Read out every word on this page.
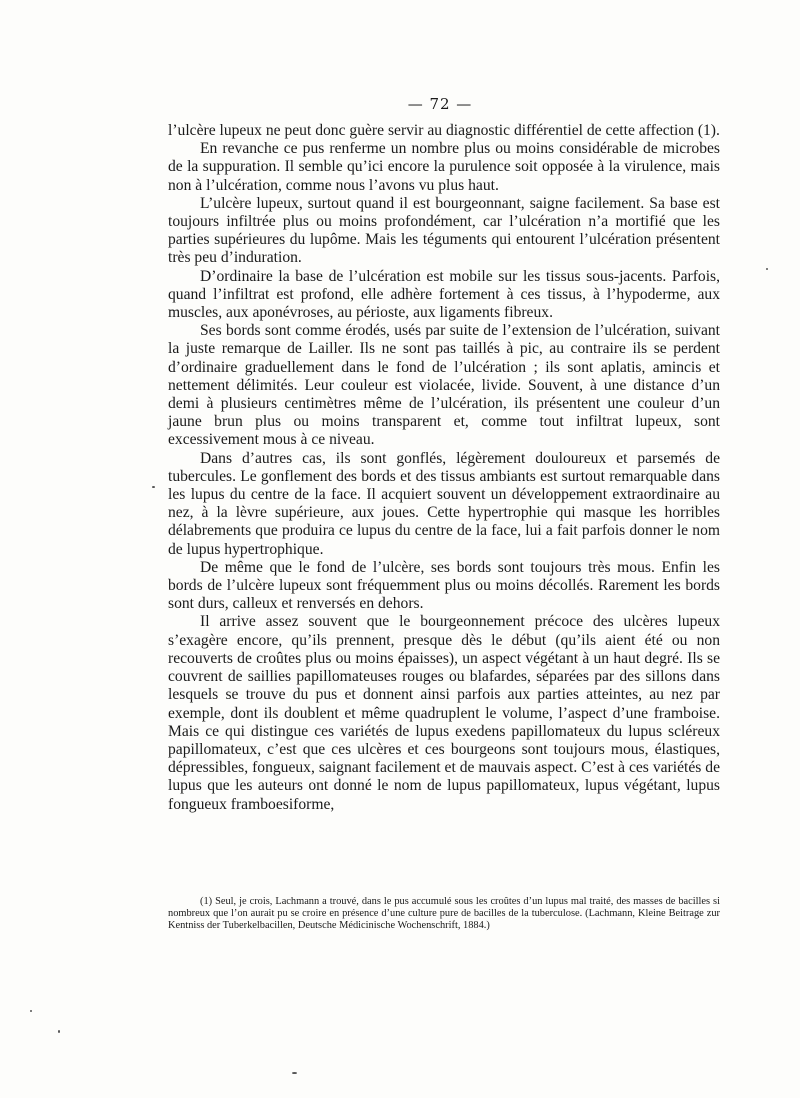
— 72 —

l’ulcère lupeux ne peut donc guère servir au diagnostic différentiel de cette affection (1).

En revanche ce pus renferme un nombre plus ou moins considérable de microbes de la suppuration. Il semble qu’ici encore la purulence soit opposée à la virulence, mais non à l’ulcération, comme nous l’avons vu plus haut.

L’ulcère lupeux, surtout quand il est bourgeonnant, saigne facilement. Sa base est toujours infiltrée plus ou moins profondément, car l’ulcération n’a mortifié que les parties supérieures du lupôme. Mais les téguments qui entourent l’ulcération présentent très peu d’induration.

D’ordinaire la base de l’ulcération est mobile sur les tissus sous-jacents. Parfois, quand l’infiltrat est profond, elle adhère fortement à ces tissus, à l’hypoderme, aux muscles, aux aponévroses, au périoste, aux ligaments fibreux.

Ses bords sont comme érodés, usés par suite de l’extension de l’ulcération, suivant la juste remarque de Lailler. Ils ne sont pas taillés à pic, au contraire ils se perdent d’ordinaire graduellement dans le fond de l’ulcération ; ils sont aplatis, amincis et nettement délimités. Leur couleur est violacée, livide. Souvent, à une distance d’un demi à plusieurs centimètres même de l’ulcération, ils présentent une couleur d’un jaune brun plus ou moins transparent et, comme tout infiltrat lupeux, sont excessivement mous à ce niveau.

Dans d’autres cas, ils sont gonflés, légèrement douloureux et parsemés de tubercules. Le gonflement des bords et des tissus ambiants est surtout remarquable dans les lupus du centre de la face. Il acquiert souvent un développement extraordinaire au nez, à la lèvre supérieure, aux joues. Cette hypertrophie qui masque les horribles délabrements que produira ce lupus du centre de la face, lui a fait parfois donner le nom de lupus hypertrophique.

De même que le fond de l’ulcère, ses bords sont toujours très mous. Enfin les bords de l’ulcère lupeux sont fréquemment plus ou moins décollés. Rarement les bords sont durs, calleux et renversés en dehors.

Il arrive assez souvent que le bourgeonnement précoce des ulcères lupeux s’exagère encore, qu’ils prennent, presque dès le début (qu’ils aient été ou non recouverts de croûtes plus ou moins épaisses), un aspect végétant à un haut degré. Ils se couvrent de saillies papillomateuses rouges ou blafardes, séparées par des sillons dans lesquels se trouve du pus et donnent ainsi parfois aux parties atteintes, au nez par exemple, dont ils doublent et même quadruplent le volume, l’aspect d’une framboise. Mais ce qui distingue ces variétés de lupus exedens papillomateux du lupus scléreux papillomateux, c’est que ces ulcères et ces bourgeons sont toujours mous, élastiques, dépressibles, fongueux, saignant facilement et de mauvais aspect. C’est à ces variétés de lupus que les auteurs ont donné le nom de lupus papillomateux, lupus végétant, lupus fongueux framboesiforme,

(1) Seul, je crois, Lachmann a trouvé, dans le pus accumulé sous les croûtes d’un lupus mal traité, des masses de bacilles si nombreux que l’on aurait pu se croire en présence d’une culture pure de bacilles de la tuberculose. (Lachmann, Kleine Beitrage zur Kentniss der Tuberkelbacillen, Deutsche Médicinische Wochenschrift, 1884.)
